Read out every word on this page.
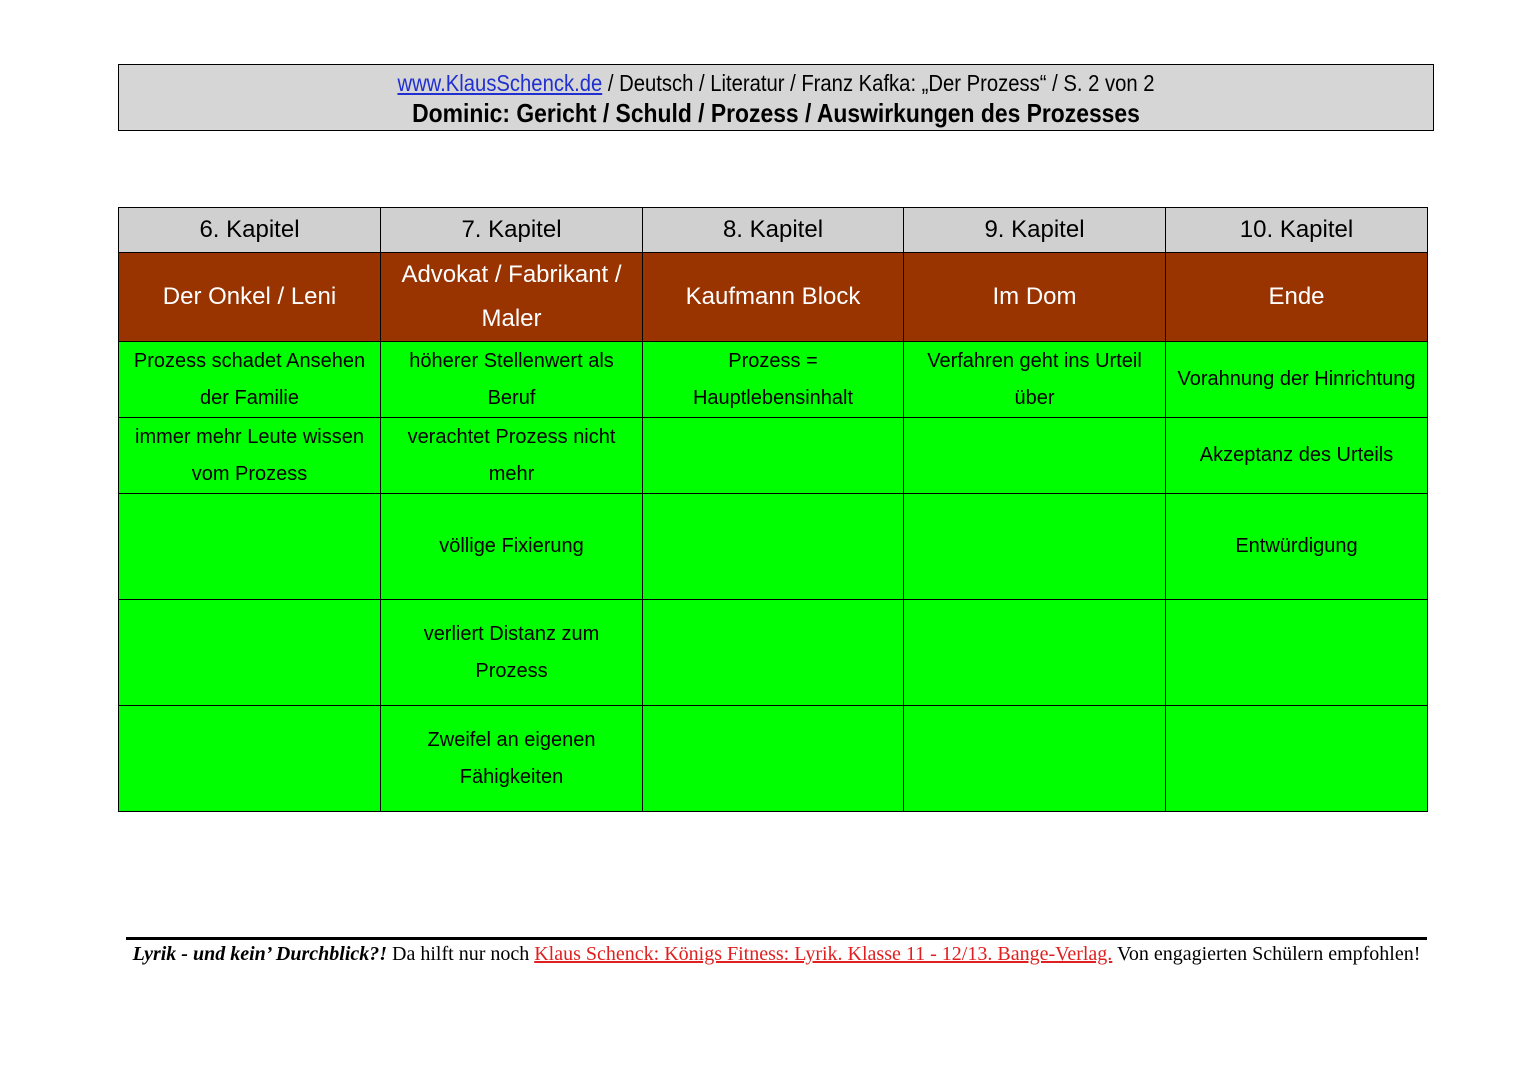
www.KlausSchenck.de / Deutsch / Literatur / Franz Kafka: „Der Prozess“ / S. 2 von 2
Dominic: Gericht / Schuld / Prozess / Auswirkungen des Prozesses
6. Kapitel	7. Kapitel	8. Kapitel	9. Kapitel	10. Kapitel
Der Onkel / Leni	Advokat / Fabrikant / Maler	Kaufmann Block	Im Dom	Ende
Prozess schadet Ansehen der Familie	höherer Stellenwert als Beruf	Prozess = Hauptlebensinhalt	Verfahren geht ins Urteil über	Vorahnung der Hinrichtung
immer mehr Leute wissen vom Prozess	verachtet Prozess nicht mehr			Akzeptanz des Urteils
	völlige Fixierung			Entwürdigung
	verliert Distanz zum Prozess			
	Zweifel an eigenen Fähigkeiten			
Lyrik - und kein’ Durchblick?! Da hilft nur noch Klaus Schenck: Königs Fitness: Lyrik. Klasse 11 - 12/13. Bange-Verlag. Von engagierten Schülern empfohlen!
